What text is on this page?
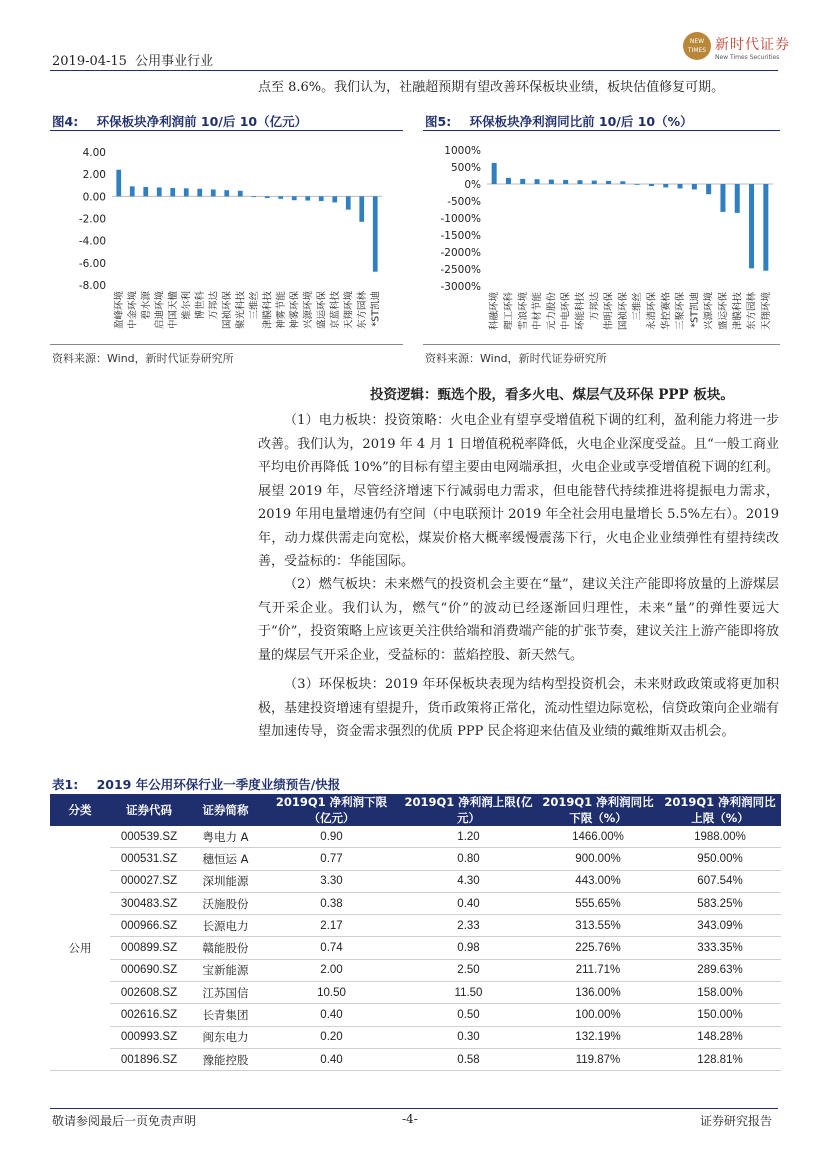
2019-04-15 公用事业行业
NEW TIMES 新时代证券
New Times Securities
点至 8.6%。我们认为，社融超预期有望改善环保板块业绩，板块估值修复可期。
图4: 环保板块净利润前 10/后 10（亿元）
4.00
2.00
0.00
-2.00
-4.00
-6.00
-8.00
盈峰环境 中金环境 碧水源 启迪环境 中国天楹 维尔利 博世科 万邦达 国祯环保 聚光科技 三维丝 津膜科技 神雾节能 神雾环保 兴源环境 盛运环保 京蓝科技 天翔环境 东方园林 *ST凯迪
资料来源：Wind，新时代证券研究所
图5: 环保板块净利润同比前 10/后 10（%）
1000%
500%
0%
-500%
-1000%
-1500%
-2000%
-2500%
-3000%
科融环境 理工环科 雪浪环境 中材节能 元力股份 中电环保 环能科技 万邦达 伟明环保 国祯环保 三维丝 永清环保 华控赛格 三聚环保 *ST凯迪 兴源环境 盛运环保 津膜科技 东方园林 天翔环境
资料来源：Wind，新时代证券研究所
投资逻辑：甄选个股，看多火电、煤层气及环保 PPP 板块。
（1）电力板块：投资策略：火电企业有望享受增值税下调的红利，盈利能力将进一步改善。我们认为，2019 年 4 月 1 日增值税税率降低，火电企业深度受益。且“一般工商业平均电价再降低 10%”的目标有望主要由电网端承担，火电企业或享受增值税下调的红利。展望 2019 年，尽管经济增速下行减弱电力需求，但电能替代持续推进将提振电力需求，2019 年用电量增速仍有空间（中电联预计 2019 年全社会用电量增长 5.5%左右）。2019 年，动力煤供需走向宽松，煤炭价格大概率缓慢震荡下行，火电企业业绩弹性有望持续改善，受益标的：华能国际。
（2）燃气板块：未来燃气的投资机会主要在“量”，建议关注产能即将放量的上游煤层气开采企业。我们认为，燃气“价”的波动已经逐渐回归理性，未来“量”的弹性要远大于“价”，投资策略上应该更关注供给端和消费端产能的扩张节奏，建议关注上游产能即将放量的煤层气开采企业，受益标的：蓝焰控股、新天然气。
（3）环保板块：2019 年环保板块表现为结构型投资机会，未来财政政策或将更加积极，基建投资增速有望提升，货币政策将正常化，流动性望边际宽松，信贷政策向企业端有望加速传导，资金需求强烈的优质 PPP 民企将迎来估值及业绩的戴维斯双击机会。
表1: 2019 年公用环保行业一季度业绩预告/快报
分类	证券代码	证券简称	2019Q1 净利润下限（亿元）	2019Q1 净利润上限(亿元）	2019Q1 净利润同比下限（%）	2019Q1 净利润同比上限（%）
公用	000539.SZ	粤电力 A	0.90	1.20	1466.00%	1988.00%
	000531.SZ	穗恒运 A	0.77	0.80	900.00%	950.00%
	000027.SZ	深圳能源	3.30	4.30	443.00%	607.54%
	300483.SZ	沃施股份	0.38	0.40	555.65%	583.25%
	000966.SZ	长源电力	2.17	2.33	313.55%	343.09%
	000899.SZ	赣能股份	0.74	0.98	225.76%	333.35%
	000690.SZ	宝新能源	2.00	2.50	211.71%	289.63%
	002608.SZ	江苏国信	10.50	11.50	136.00%	158.00%
	002616.SZ	长青集团	0.40	0.50	100.00%	150.00%
	000993.SZ	闽东电力	0.20	0.30	132.19%	148.28%
	001896.SZ	豫能控股	0.40	0.58	119.87%	128.81%
敬请参阅最后一页免责声明	-4-	证券研究报告
